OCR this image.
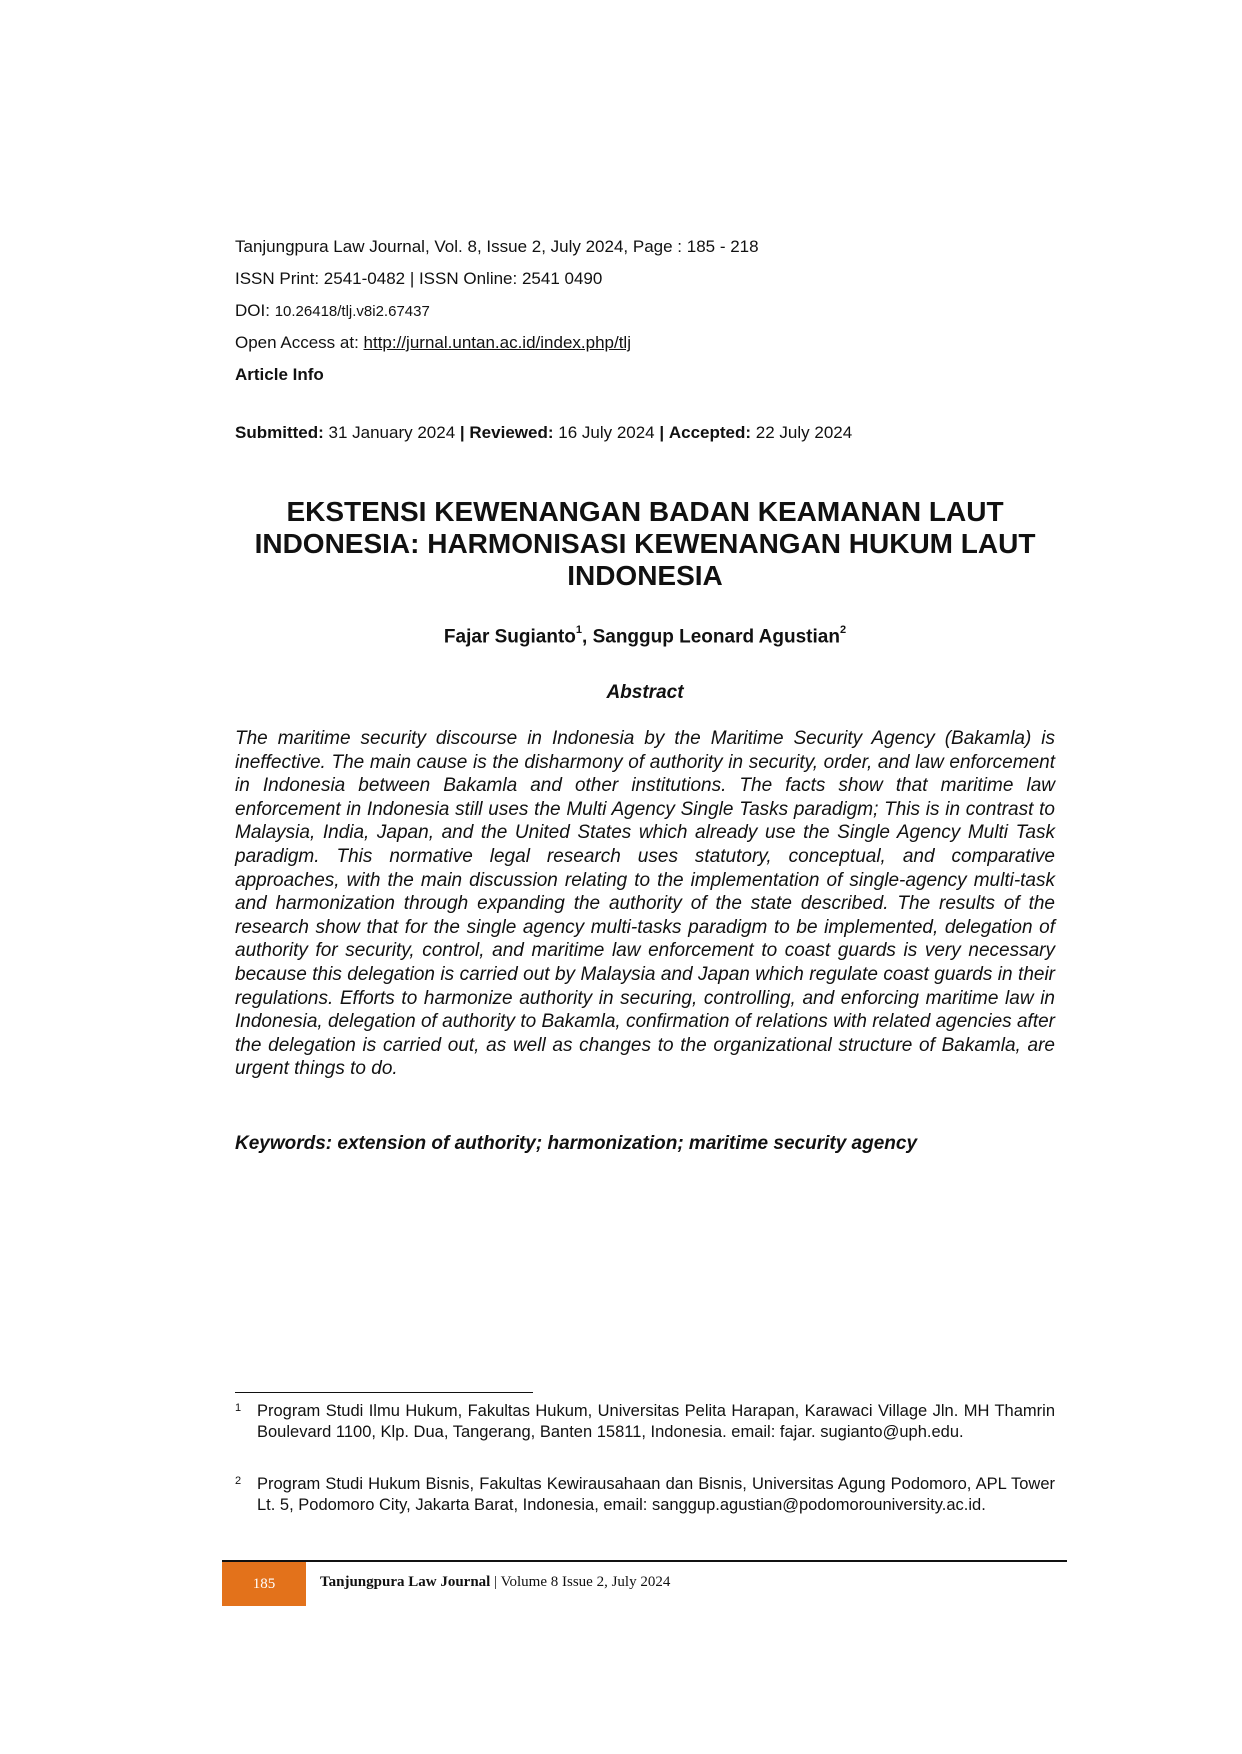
Tanjungpura Law Journal, Vol. 8, Issue 2, July 2024, Page : 185 - 218
ISSN Print: 2541-0482 | ISSN Online: 2541 0490
DOI: 10.26418/tlj.v8i2.67437
Open Access at: http://jurnal.untan.ac.id/index.php/tlj
Article Info
Submitted: 31 January 2024 | Reviewed: 16 July 2024 | Accepted: 22 July 2024
EKSTENSI KEWENANGAN BADAN KEAMANAN LAUT
INDONESIA: HARMONISASI KEWENANGAN HUKUM LAUT
INDONESIA
Fajar Sugianto$^1$, Sanggup Leonard Agustian$^2$
Abstract

The maritime security discourse in Indonesia by the Maritime Security Agency (Bakamla) is ineffective. The main cause is the disharmony of authority in security, order, and law enforcement in Indonesia between Bakamla and other institutions. The facts show that maritime law enforcement in Indonesia still uses the Multi Agency Single Tasks paradigm; This is in contrast to Malaysia, India, Japan, and the United States which already use the Single Agency Multi Task paradigm. This normative legal research uses statutory, conceptual, and comparative approaches, with the main discussion relating to the implementation of single-agency multi-task and harmonization through expanding the authority of the state described. The results of the research show that for the single agency multi-tasks paradigm to be implemented, delegation of authority for security, control, and maritime law enforcement to coast guards is very necessary because this delegation is carried out by Malaysia and Japan which regulate coast guards in their regulations. Efforts to harmonize authority in securing, controlling, and enforcing maritime law in Indonesia, delegation of authority to Bakamla, confirmation of relations with related agencies after the delegation is carried out, as well as changes to the organizational structure of Bakamla, are urgent things to do.

Keywords: extension of authority; harmonization; maritime security agency
1 Program Studi Ilmu Hukum, Fakultas Hukum, Universitas Pelita Harapan, Karawaci Village Jln. MH Thamrin Boulevard 1100, Klp. Dua, Tangerang, Banten 15811, Indonesia. email: fajar. sugianto@uph.edu.
2 Program Studi Hukum Bisnis, Fakultas Kewirausahaan dan Bisnis, Universitas Agung Podomoro, APL Tower Lt. 5, Podomoro City, Jakarta Barat, Indonesia, email: sanggup.agustian@podomorouniversity.ac.id.
185	Tanjungpura Law Journal | Volume 8 Issue 2, July 2024
